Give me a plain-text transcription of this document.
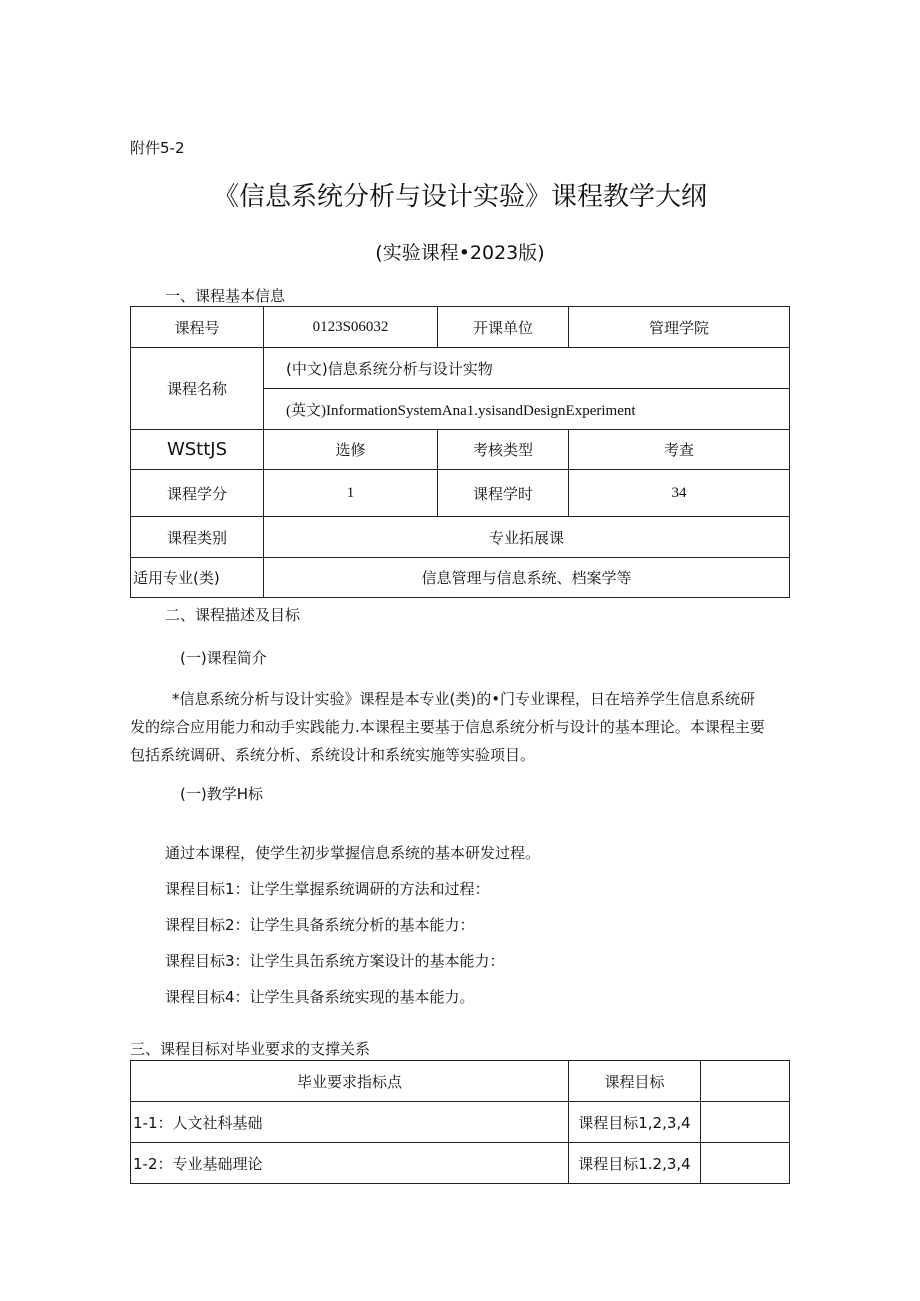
附件5-2
《信息系统分析与设计实验》课程教学大纲
(实验课程•2023版)
一、课程基本信息
课程号	0123S06032	开课单位	管理学院
课程名称	(中文)信息系统分析与设计实物		
	(英文)InformationSystemAna1.ysisandDesignExperiment		
WSttJS	选修	考核类型	考查
课程学分	1	课程学时	34
课程类别	专业拓展课		
适用专业(类)	信息管理与信息系统、档案学等		
二、课程描述及目标
(一)课程简介
*信息系统分析与设计实验》课程是本专业(类)的•门专业课程，日在培养学生信息系统研
发的综合应用能力和动手实践能力.本课程主要基于信息系统分析与设计的基本理论。本课程主要
包括系统调研、系统分析、系统设计和系统实施等实验项目。
(一)教学H标
通过本课程，使学生初步掌握信息系统的基本研发过程。
课程目标1：让学生掌握系统调研的方法和过程：
课程目标2：让学生具备系统分析的基本能力：
课程目标3：让学生具缶系统方案设计的基本能力：
课程目标4：让学生具备系统实现的基本能力。
三、课程目标对毕业要求的支撑关系
毕业要求指标点	课程目标	
1-1：人文社科基础	课程目标1,2,3,4	
1-2：专业基础理论	课程目标1.2,3,4	
